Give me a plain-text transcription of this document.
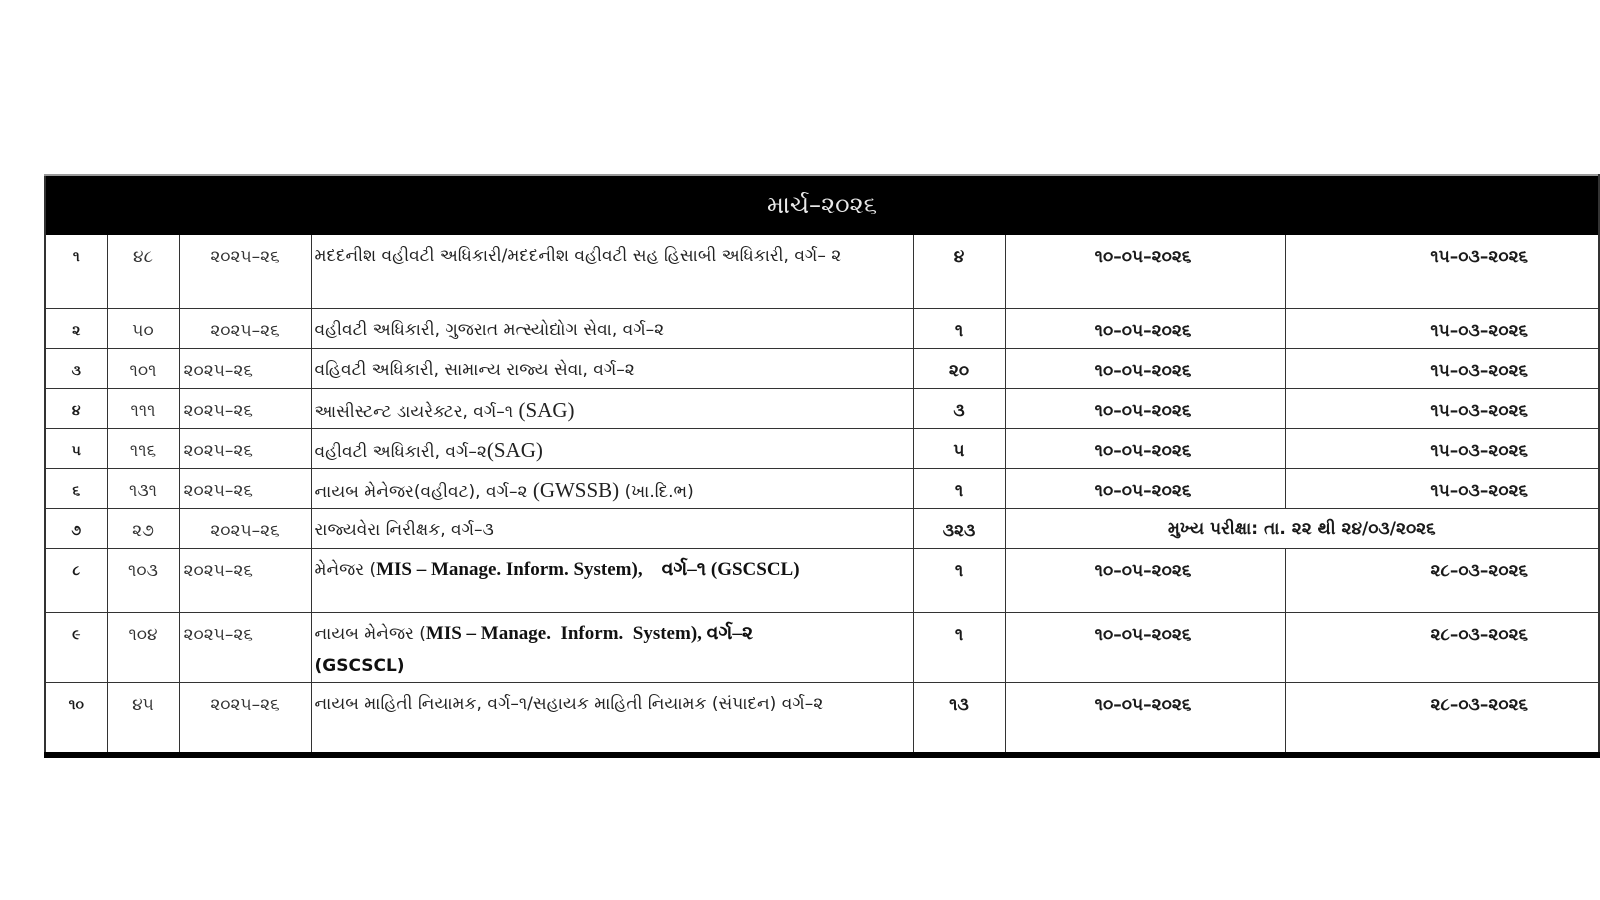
માર્ચ–૨૦૨૬						
૧	૪૮	૨૦૨૫–૨૬	મદદનીશ વહીવટી અધિકારી/મદદનીશ વહીવટી સહ હિસાબી અધિકારી, વર્ગ– ૨	૪	૧૦–૦૫–૨૦૨૬	૧૫–૦૩–૨૦૨૬
૨	૫૦	૨૦૨૫–૨૬	વહીવટી અધિકારી, ગુજરાત મત્સ્યોદ્યોગ સેવા, વર્ગ–૨	૧	૧૦–૦૫–૨૦૨૬	૧૫–૦૩–૨૦૨૬
૩	૧૦૧	૨૦૨૫–૨૬	વહિવટી અધિકારી, સામાન્ય રાજ્ય સેવા, વર્ગ–૨	૨૦	૧૦–૦૫–૨૦૨૬	૧૫–૦૩–૨૦૨૬
૪	૧૧૧	૨૦૨૫–૨૬	આસીસ્ટન્ટ ડાયરેક્ટર, વર્ગ–૧ (SAG)	૩	૧૦–૦૫–૨૦૨૬	૧૫–૦૩–૨૦૨૬
૫	૧૧૬	૨૦૨૫–૨૬	વહીવટી અધિકારી, વર્ગ–૨(SAG)	૫	૧૦–૦૫–૨૦૨૬	૧૫–૦૩–૨૦૨૬
૬	૧૩૧	૨૦૨૫–૨૬	નાયબ મેનેજર(વહીવટ), વર્ગ–૨ (GWSSB) (ખા.દિ.ભ)	૧	૧૦–૦૫–૨૦૨૬	૧૫–૦૩–૨૦૨૬
૭	૨૭	૨૦૨૫–૨૬	રાજ્યવેરા નિરીક્ષક, વર્ગ–૩	૩૨૩	મુખ્ય પરીક્ષા: તા. ૨૨ થી ૨૪/૦૩/૨૦૨૬	
૮	૧૦૩	૨૦૨૫–૨૬	મેનેજર (MIS – Manage. Inform. System),    વર્ગ–૧ (GSCSCL)	૧	૧૦–૦૫–૨૦૨૬	૨૮–૦૩–૨૦૨૬
૯	૧૦૪	૨૦૨૫–૨૬	નાયબ મેનેજર (MIS – Manage.  Inform.  System), વર્ગ–૨
(GSCSCL)	૧	૧૦–૦૫–૨૦૨૬	૨૮–૦૩–૨૦૨૬
૧૦	૪૫	૨૦૨૫–૨૬	નાયબ માહિતી નિયામક, વર્ગ–૧/સહાયક માહિતી નિયામક (સંપાદન) વર્ગ–૨	૧૩	૧૦–૦૫–૨૦૨૬	૨૮–૦૩–૨૦૨૬
